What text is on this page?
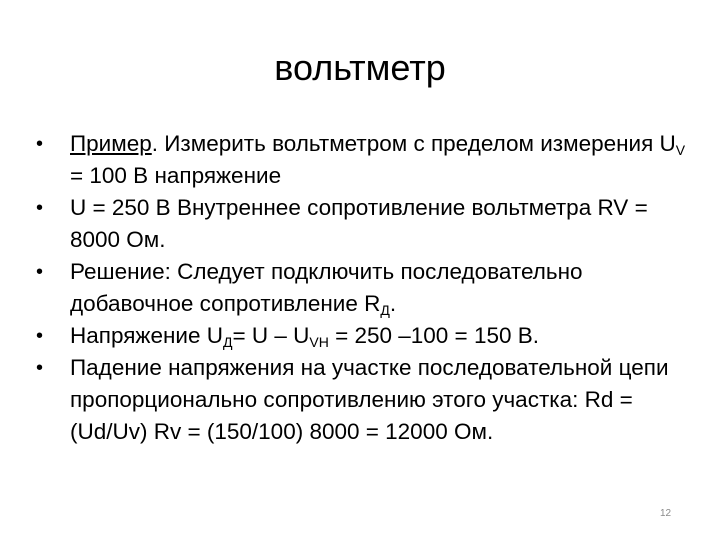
вольтметр
• Пример. Измерить вольтметром с пределом измерения $U_V = 100$ В напряжение
• U = 250 В Внутреннее сопротивление вольтметра RV = 8000 Ом.
• Решение: Следует подключить последовательно добавочное сопротивление $R_Д$.
• Напряжение $U_Д= U - U_{VН} = 250$ –100 = 150 В.
• Падение напряжения на участке последовательной цепи пропорционально сопротивлению этого участка: Rd = (Ud/Uv) Rv = (150/100) 8000 = 12000 Ом.
12
